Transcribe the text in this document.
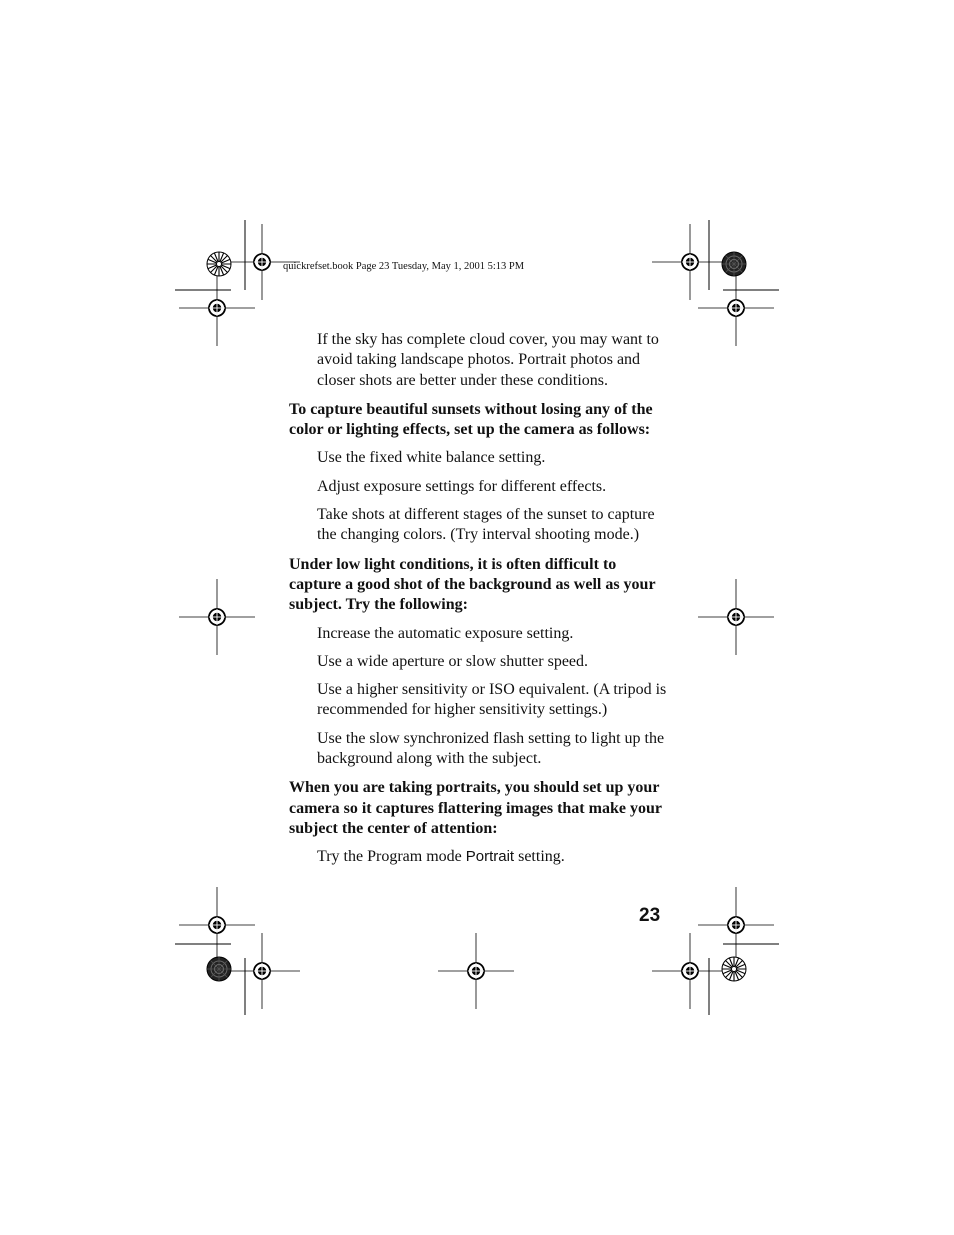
quickrefset.book Page 23 Tuesday, May 1, 2001 5:13 PM

If the sky has complete cloud cover, you may want to avoid taking landscape photos. Portrait photos and closer shots are better under these conditions.

To capture beautiful sunsets without losing any of the color or lighting effects, set up the camera as follows:

Use the fixed white balance setting.

Adjust exposure settings for different effects.

Take shots at different stages of the sunset to capture the changing colors. (Try interval shooting mode.)

Under low light conditions, it is often difficult to capture a good shot of the background as well as your subject. Try the following:

Increase the automatic exposure setting.

Use a wide aperture or slow shutter speed.

Use a higher sensitivity or ISO equivalent. (A tripod is recommended for higher sensitivity settings.)

Use the slow synchronized flash setting to light up the background along with the subject.

When you are taking portraits, you should set up your camera so it captures flattering images that make your subject the center of attention:

Try the Program mode Portrait setting.

23
